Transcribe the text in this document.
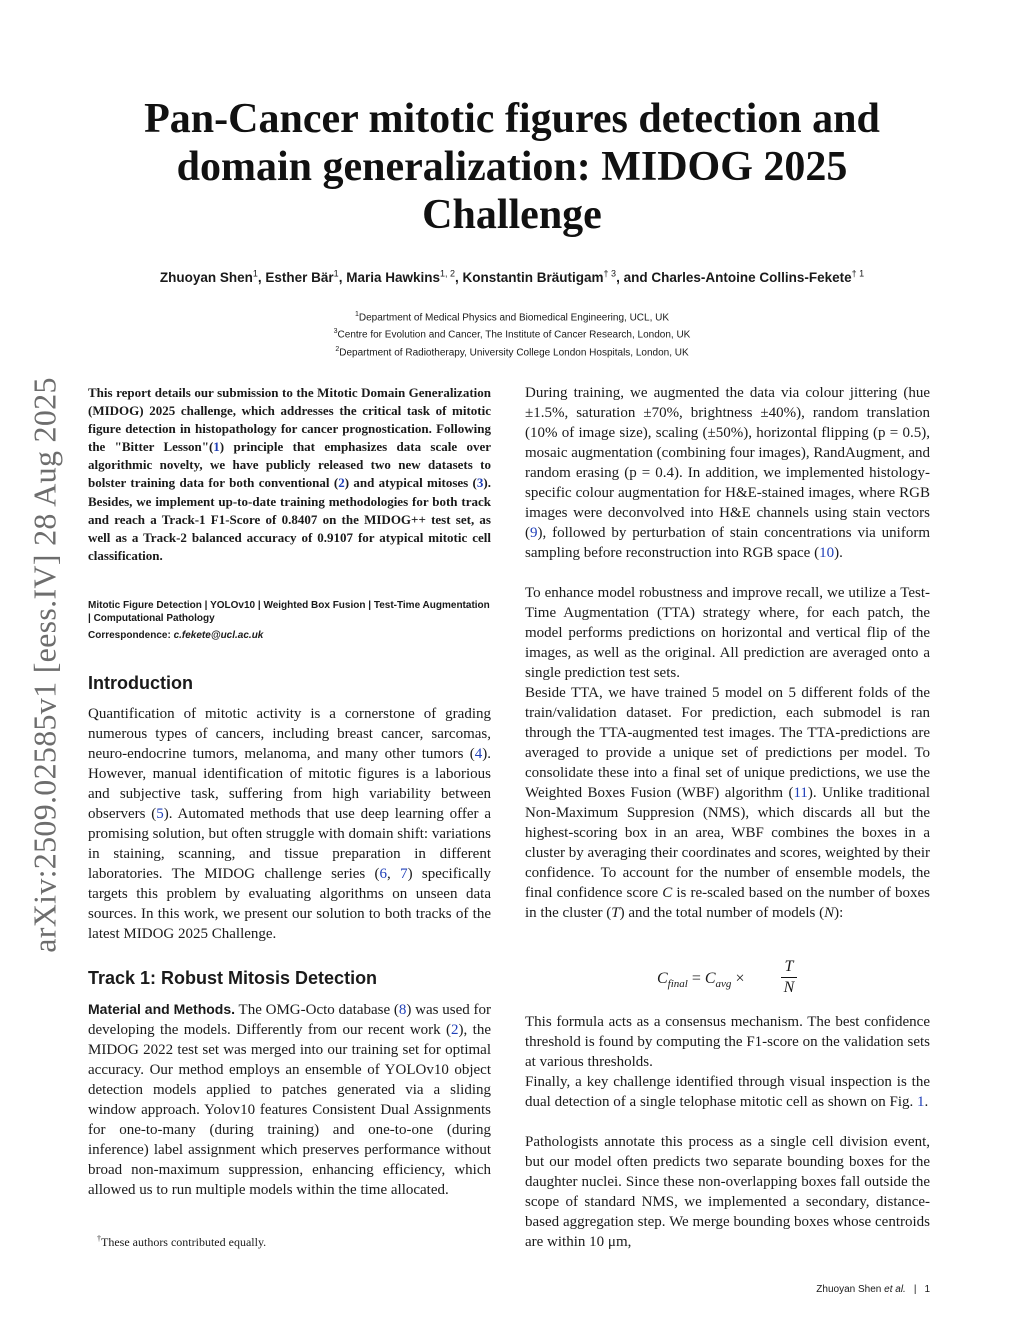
arXiv:2509.02585v1 [eess.IV] 28 Aug 2025
Pan-Cancer mitotic figures detection and domain generalization: MIDOG 2025 Challenge
Zhuoyan Shen$^1$, Esther Bär$^1$, Maria Hawkins$^{1, 2}$, Konstantin Bräutigam$^{\dagger 3}$, and Charles-Antoine Collins-Fekete$^{\dagger 1}$
$^1$Department of Medical Physics and Biomedical Engineering, UCL, UK
$^3$Centre for Evolution and Cancer, The Institute of Cancer Research, London, UK
$^2$Department of Radiotherapy, University College London Hospitals, London, UK
This report details our submission to the Mitotic Domain Generalization (MIDOG) 2025 challenge, which addresses the critical task of mitotic figure detection in histopathology for cancer prognostication. Following the "Bitter Lesson"(1) principle that emphasizes data scale over algorithmic novelty, we have publicly released two new datasets to bolster training data for both conventional (2) and atypical mitoses (3). Besides, we implement up-to-date training methodologies for both track and reach a Track-1 F1-Score of 0.8407 on the MIDOG++ test set, as well as a Track-2 balanced accuracy of 0.9107 for atypical mitotic cell classification.
Mitotic Figure Detection | YOLOv10 | Weighted Box Fusion | Test-Time Augmentation | Computational Pathology
Correspondence: c.fekete@ucl.ac.uk
Introduction

Quantification of mitotic activity is a cornerstone of grading numerous types of cancers, including breast cancer, sarcomas, neuro-endocrine tumors, melanoma, and many other tumors (4). However, manual identification of mitotic figures is a laborious and subjective task, suffering from high variability between observers (5). Automated methods that use deep learning offer a promising solution, but often struggle with domain shift: variations in staining, scanning, and tissue preparation in different laboratories. The MIDOG challenge series (6, 7) specifically targets this problem by evaluating algorithms on unseen data sources. In this work, we present our solution to both tracks of the latest MIDOG 2025 Challenge.

Track 1: Robust Mitosis Detection

Material and Methods. The OMG-Octo database (8) was used for developing the models. Differently from our recent work (2), the MIDOG 2022 test set was merged into our training set for optimal accuracy. Our method employs an ensemble of YOLOv10 object detection models applied to patches generated via a sliding window approach. Yolov10 features Consistent Dual Assignments for one-to-many (during training) and one-to-one (during inference) label assignment which preserves performance without broad non-maximum suppression, enhancing efficiency, which allowed us to run multiple models within the time allocated.

†These authors contributed equally.

During training, we augmented the data via colour jittering (hue ±1.5%, saturation ±70%, brightness ±40%), random translation (10% of image size), scaling (±50%), horizontal flipping (p = 0.5), mosaic augmentation (combining four images), RandAugment, and random erasing (p = 0.4). In addition, we implemented histology-specific colour augmentation for H&E-stained images, where RGB images were deconvolved into H&E channels using stain vectors (9), followed by perturbation of stain concentrations via uniform sampling before reconstruction into RGB space (10).

To enhance model robustness and improve recall, we utilize a Test-Time Augmentation (TTA) strategy where, for each patch, the model performs predictions on horizontal and vertical flip of the images, as well as the original. All prediction are averaged onto a single prediction test sets.

Beside TTA, we have trained 5 model on 5 different folds of the train/validation dataset. For prediction, each submodel is ran through the TTA-augmented test images. The TTA-predictions are averaged to provide a unique set of predictions per model. To consolidate these into a final set of unique predictions, we use the Weighted Boxes Fusion (WBF) algorithm (11). Unlike traditional Non-Maximum Suppresion (NMS), which discards all but the highest-scoring box in an area, WBF combines the boxes in a cluster by averaging their coordinates and scores, weighted by their confidence. To account for the number of ensemble models, the final confidence score C is re-scaled based on the number of boxes in the cluster (T) and the total number of models (N):

$C_{final} = C_{avg}$ ×
T
N

This formula acts as a consensus mechanism. The best confidence threshold is found by computing the F1-score on the validation sets at various thresholds.

Finally, a key challenge identified through visual inspection is the dual detection of a single telophase mitotic cell as shown on Fig. 1.

Pathologists annotate this process as a single cell division event, but our model often predicts two separate bounding boxes for the daughter nuclei. Since these non-overlapping boxes fall outside the scope of standard NMS, we implemented a secondary, distance-based aggregation step. We merge bounding boxes whose centroids are within 10 μm,

Zhuoyan Shen et al. | 1
